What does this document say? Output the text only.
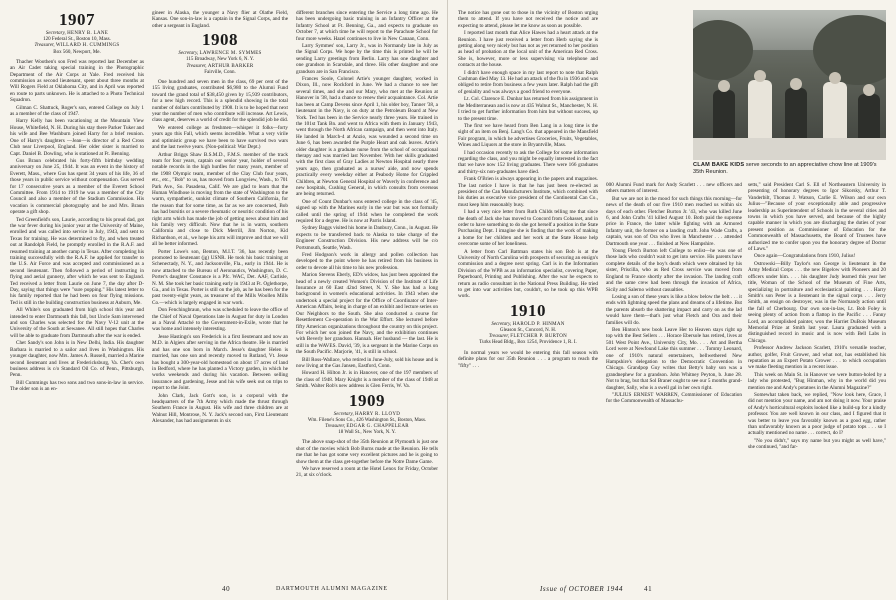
1907
Secretary, HENRY B. LANE
120 Federal St., Boston 10, Mass.
Treasurer, WILLARD H. CUMMINGS
Box 560, Newport, Me.

Thacher Woothen's son Fred was reported last December as an Air Cadet taking special training in the Photographic Department of the Air Corps at Yale. Fred received his commission as second lieutenant, spent about three months at Will Rogers Field at Oklahoma City, and in April was reported en route to parts unknown. He is attached to a Photo Technical Squadron.

Gilman C. Shattuck, Roger's son, entered College on July 1 as a member of the class of 1947.

Harry Kelly has been vacationing at the Mountain View House, Whitefield, N. H. During his stay there Parker Tuker and his wife and Bee Washburn joined Harry for a brief reunion. One of Harry's daughters —Jean—is director of a Red Cross Club near Liverpool, England. Her older sister is married to Capt. Daniel B. Dowling, who is stationed at Ft. Benning.

Gus Braun celebrated his forty-fifth birthday wedding anniversary on June 25, 1944. It was an event in the history of Everett, Mass., where Gus has spent 34 years of his life, 36 of those years in public service without compensation. Gus served for 17 consecutive years as a member of the Everett School Committee. From 1914 to 1919 he was a member of the City Council and also a member of the Stadium Commission. His vocation is commercial photography and he and Mrs. Braun operate a gift shop.

Ted Greenfield's son, Laurie, according to his proud dad, got the war fever during his junior year at the University of Maine, enrolled and was called into service in July, 1943, and sent to Texas for training. He was determined to fly, and when treated out at Randolph Field, he promptly enrolled in the R.A.F. and resumed training at another camp in Texas. After completing his training successfully with the R.A.F. he applied for transfer to the U.S. Air Force and was accepted and commissioned as a second lieutenant. Then followed a period of instructing in flying and aerial gunnery, after which he was sent to England. Ted received a letter from Laurie on June 7, the day after D-Day, saying that things were "sure popping." His latest letter to his family reported that he had been on four flying missions. Ted is still in the building construction business at Auburn, Me.

All White's son graduated from high school this year and intended to enter Dartmouth this fall, but Uncle Sam intervened and son Charles was selected for the Navy V-12 unit at the University of the South at Sewanee. All still hopes that Charles will be able to graduate from Dartmouth after the war is ended.

Chet Sandy's son John is in New Delhi, India. His daughter Barbara is married to a sailor and lives in Washington. His younger daughter, now Mrs. James A. Russell, married a Marine second lieutenant and lives at Fredericksburg, Va. Chet's own business address is c/o Standard Oil Co. of Penn., Pittsburgh, Penn.

Bill Cummings has two sons and two sons-in-law in service. The older son is an en-

gineer in Alaska, the younger a Navy flier at Olathe Field, Kansas. One son-in-law is a captain in the Signal Corps, and the other a sergeant in England.

1908
Secretary, LAWRENCE M. SYMMES
115 Broadway, New York 6, N. Y.
Treasurer, ARTHUR BARKER
Fairville, Conn.

One hundred and seven men in the class, 69 per cent of the 155 living graduates, contributed $6,980 to the Alumni Fund toward the grand total of $38,450 given by 15,939 contributors, for a new high record. This is a splendid showing in the total number of dollars contributed by 1908. It is to be hoped that next year the number of men who contribute will increase. Art Lewis, class agent, deserves a world of credit for the splendid job he did.

We entered college as freshmen—whisper it folks—forty years ago this Fall, which seems incredible. What a very virile and optimistic group we have been to have survived two wars and the last twelve years. (Non-political: War Dept.)

Arthur Briggs Shaw B.S.M.D., F.M.S. member of the track team for four years, captain our senior year, holder of several notable records in the high hurdles for many years, member of the 1908 Olympic team, member of the Clay Club four years, etc., etc., "Bob" to us, has moved from Longview, Wash., to 701 Park Ave., So. Pasadena, Calif. We are glad to learn that the Human Windhose is moving from the state of Washington to the warm, sympathetic, sunkist climate of Southern California, for the reason that for some time, as far as we are concerned, Bob has had bursitis or a severe rheumatic or neuritic condition of his right arm which has made the job of getting news about him and his family very difficult. Now that he is in warm, southern California and close to Dick Merrill, Jim Norton, Kid Richardson, et al., we hope his arm will improve and that we will all be better informed.

Porter Lowe's son, Benton, M.I.T. '36, has recently been promoted to lieutenant (jg) USNR. He took his basic training at Schenectady, N. Y., and Jacksonville, Fla., early in 1944. He is now attached to the Bureau of Aeronautics, Washington, D. C. Porter's daughter Constance is a Pfc. WAC, Det. AAF, Carlisle, N. M. She took her basic training early in 1943 at Ft. Oglethorpe, Ga., and in Texas. Porter is still on the job, as he has been for the past twenty-eight years, as treasurer of the Mills Woollen Mills Co.—which is largely engaged in war work.

Don Fenchingbraun, who was scheduled to leave the office of the Chief of Naval Operations late in August for duty in London as a Naval Attaché to the Government-in-Exile, wrote that he was home and intensely interesting.

Jesse Hastings's son Frederick is a first lieutenant and now an M.D. in Algiers after serving in the Africa theatre. He is married and has one son born in March. Jesse's daughter Helen is married, has one son and recently moved to Rutland, Vt. Jesse has bought a 300-year-old homestead on about 17 acres of land in Bedford, where he has planted a Victory garden, in which he works weekends and during his vacation. Between selling insurance and gardening, Jesse and his wife seek out on trips to report to the Joint.

John Clark, Jack Gott's son, is a corporal with the headquarters of the 7th Army which made the thrust through Southern France in August. His wife and three children are at Walnut Hill, Montrose, N. Y. Jack's second son, First Lieutenant Alexander, has had assignments in six

different branches since entering the Service a long time ago. He has been undergoing basic training in an Infantry Officer at the Infantry School at Ft. Benning, Ga., and expects to graduate on October 7, at which time he will report to the Parachute School for four more weeks. Hazel continues to live in New Canaan, Conn.

Larry Symmes' son, Larry Jr., was in Normandy late in July as the Signal Corps. We hope by the time this is printed he will be sending Larry greetings from Berlin. Larry has one daughter and one grandson in Scarsdale, and three. His other daughter and one grandson are in San Francisco.

Frances Soole, Colonel Artie's younger daughter, worked in Dixon, Ill., now Rockford in June. We had a chance to see her several times, and she and our Mary, who met at the Reunion at Hanover in '38, had a chance to renew their acquaintance. Col. Artie has been at Camp Devens since April 1, his older boy, Tanner '38, a lieutenant in the Navy, is on duty at the Petroleum Board at New York. Ted has been in the Service nearly three years. He trained in the 101st Tank Bn. and went to Africa with them in January 1943, went through the North African campaign, and then went into Italy. He landed in March-4 at Anzio, was wounded a second time on June 6, has been awarded the Purple Heart and oak leaves. Artie's older daughter is a graduate nurse from the school of occupational therapy and was married last November. With her skills graduated with the first class of Gray Ladies at Newton Hospital nearly three years ago, then graduated as a nurses' aide, and now spends practically every weekday either at Peabody Home for Crippled Children, at Newton General Hospital or Waverly in conference and new hospitals, Cushing General, in which consults from overseas are being returned.

One of Count Dunbar's sons entered college in the class of '45, signed up with the Marines early in the war but was not formally called until the spring of 1944 when he completed the work required for a degree. He is now at Parris Island.

Sydney Baggs visited his home in Danbury, Conn., in August. He expects to be transferred back to Alaska to take charge of the Engineer Construction Division. His new address will be c/o Portsmouth, Seattle, Wash.

Fred Hodgson's work in allergy and pollen collection has developed to the point where he has retired from his business in order to devote all his time to his new profession.

Marion Stevens Eberly, ED's widow, has just been appointed the head of a newly created Women's Division of the Institute of Life Insurance at 60 East 42nd Street, N. Y. She has had a long background in women's educational activities. In 1943 when she undertook a special project for the Office of Coordinator of Inter-American Affairs, being in charge of an exhibit and lecture series on Our Neighbors to the South. She also conducted a course for Resettlement Co-operation in the War Effort. She lectured before fifty American organizations throughout the country on this project. For which her son joined the Navy, and the exhibition continues with Beverly her grandson. Hannah. Her husband — the last. He is still in the WAVES. David, '39, is a sergeant in the Marine Corps on the South Pacific. Marjorie, '41, is still in school.

Bill Ross-Wallace, who retired in June-July, sold his house and is now living at the Gas Jansen, Eastford, Conn.

Howard H. Hilton Jr. is in Hanover, one of the 197 members of the class of 1948. Mary Knight is a member of the class of 1948 at Smith. Walter Rob's new address is Glen Ferris, W. Va.

1909
Secretary, HARRY R. LLOYD
Wm. Filene's Sons Co., 426 Washington St., Boston, Mass.
Treasurer, EDGAR G. CHAPPELEAR
18 Wall St., New York, N. Y.

The above snap-shot of the 35th Reunion at Plymouth is just one shot of the movies which Bob Burns made at the Reunion. He tells me that he has got some very excellent pictures and he is going to show them at the class get-together before the Notre Dame Game.

We have reserved a room at the Hotel Lenox for Friday, October 21, at six o'clock.

40	DARTMOUTH ALUMNI MAGAZINE

The notice has gone out to those in the vicinity of Boston urging them to attend. If you have not received the notice and are expecting to attend, please let me know as soon as possible.

I reported last month that Alice Hawes had a heart attack at the Reunion. I have just received a letter from Herb saying she is getting along very nicely but has not as yet returned to her position as head of probation at the local unit of the American Red Cross. She is, however, more or less supervising via telephone and contacts at the house.

I didn't have enough space in my last report to note that Ralph Cushman died May 13. He had an attack of the flu in 1936 and was obliged to retire from business a few years later. Ralph had the gift of geniality and was always a good friend to everyone.

Lt. Col. Clarence E. Dunbar has returned from his assignment in the Mediterranean and is now at 435 Walnut St., Manchester, N. H. I tried to get further information from him but without success, up to the present time.

The first we have heard from Ben Lang in a long time is the sight of an item on Benj. Lang's Co. that appeared in the Mansfield Fair program, in which he advertises Groceries, Fruits, Vegetables, Wines and Liquors at the store in Bryantville, Mass.

I had occasion recently to ask the College for some information regarding the class, and you might be equally interested in the fact that we have now 152 living graduates. There were 166 graduates and thirty-six non-graduates have died.

Frank O'Brien is always appearing in the papers and magazines. The last notice I have is that he has just been re-elected as president of the Can Manufacturers Institute, which combined with his duties as executive vice president of the Continental Can Co., must keep him reasonably busy.

I had a very nice letter from Ruth Childs telling me that since the death of Jack she has moved to Concord from Cohasset, and in order to have something to do she got herself a position in the State Purchasing Dept. I imagine she is finding that the work of making a home for her children and her work at the State House help overcome some of her loneliness.

A letter from Carl Battman states his son Bob is at the University of North Carolina with prospects of securing an ensign's commission and a degree next spring. Carl is in the Information Division of the WPB as an information specialist, covering Paper, Paperboard, Printing and Publishing. After the war he expects to return as radio consultant in the National Press Building. He tried to get into war activities but, couldn't, so he took up this WPB work.

1910
Secretary, HAROLD P. HINMAN
Gleason St., Concord, N. H.
Treasurer, FLETCHER P. BURTON
Turks Head Bldg., Box 1254, Providence 1, R. I.

In normal years we would be entering this fall season with definite plans for our 35th Reunion . . . a program to reach the "fifty" . . .

CLAM BAKE KIDS serve seconds to an appreciative chow line at 1909's 35th Reunion.

000 Alumni Fund mark for Andy Scarlett . . . new officers and others matters of interest.

But we are not in the mood for such things this morning—for news of the death of our five 1910 men reached us within six days of each other. Fletcher Burton Jr. '43, who was killed June 6, and John Crafts '41 killed August 10. Both paid the supreme price in France, the latter while fighting with an Armored Infantry unit, the former on a landing craft. John Wade Crafts, a captain, was son of Ora who lives in Manchester . . . attended Dartmouth one year . . . finished at New Hampshire.

Young Fletch Burton left College to enlist—he was one of those lads who couldn't wait to get into service. His parents have complete details of the boy's death which were obtained by his sister, Priscilla, who as Red Cross service was moved from England to France shortly after the invasion. The landing craft and the same crew had been through the invasion of Africa, Sicily and Salerno without casualties.

Losing a son of these years is like a blow below the belt . . . it ends with lightning speed the plans and dreams of a lifetime. But the parents absorb the shattering impact and carry on as the lad would have them—that's just what Fletch and Ora and their families will do.

Ben Hinton's new book Leave Her to Heaven stays right up top with the Best Sellers . . . Horace Ebersole has retired, lives at 501 West Point Ave., University City, Mo. . . . Art and Bertha Lord were at Newfound Lake this summer . . . Tommy Leonard, one of 1910's natural entertainers, bellwethered New Hampshire's delegation to the Democratic Convention in Chicago. Grandpop Guy writes that Betty's baby son was a grandnephew for a grandson. John Whitney Peyton, b. June 28. Not to brag, but that Sol Braner ought to see our 5 months grand-daughter, Sally, who is a swell gal in her own right.

"JULIUS ERNEST WARREN, Commissioner of Education for the Commonwealth of Massachu-

setts," said President Carl S. Ell of Northeastern University in presenting of honorary degrees to Igor Sikorsky, Arthur T. Vanderbilt, Thomas J. Watson, Carlie E. Wilson and our own Julius—"Because of your exceptionally able and progressive leadership as Superintendent of Schools in the several cities and towns in which you have served, and because of the highly capable manner in which you are discharging the duties of your present position as Commissioner of Education for the Commonwealth of Massachusetts, the Board of Trustees have authorized me to confer upon you the honorary degree of Doctor of Laws."

Once again—Congratulations from 1910, Julius!

Ostrowski—Billy Taylor's son George is lieutenant in the Army Medical Corps . . . the new Bigelow with Pioneers and 20 officers under him. . . . his daughter Judy learned this year her title, Woman of the School of the Museum of Fine Arts, specializing in portraiture and ecclesiastical painting . . . Harry Smith's son Peter is a lieutenant in the signal corps . . . Jerry Smith, an ensign on destroyer, was in the Normandy action until the fall of Cherbourg. Our own son-in-law, Lt. Bob Foley is seeing plenty of action from a flattop in the Pacific . . . Fanny Lord, an accomplished painter, won the Harriet DuBois Museum Memorial Prize at Smith last year. Laura graduated with a distinguished record in music and is now with Bell Labs in Chicago.

Professor Andrew Jackson Scarlett, 1910's versatile teacher, author, golfer, Fruit Grower, and what not, has established his reputation as an Expert Potato Grower . . . to which occupation we make fleeting mention in a recent issue.

This week on Main St. in Hanover we were button-holed by a lady who protested, "Bug Hinman, why in the world did you mention me and Andy's potatoes in the Alumni Magazine?"

Somewhat taken back, we replied, "Now look here, Grace, I did not mention your name, and am not doing it now. Your praise of Andy's horticultural exploits looked like a build-up for a kindly professor. You are well known in our class, and I figured that it was better to leave you favorably known as a good egg, rather than unfavorably known as a poor judge of potato tops . . . so I actually mentioned no name . . . correct, do I?

"No you didn't," says my name but you might as well have," she continued, "and far-

Issue of OCTOBER 1944	41
